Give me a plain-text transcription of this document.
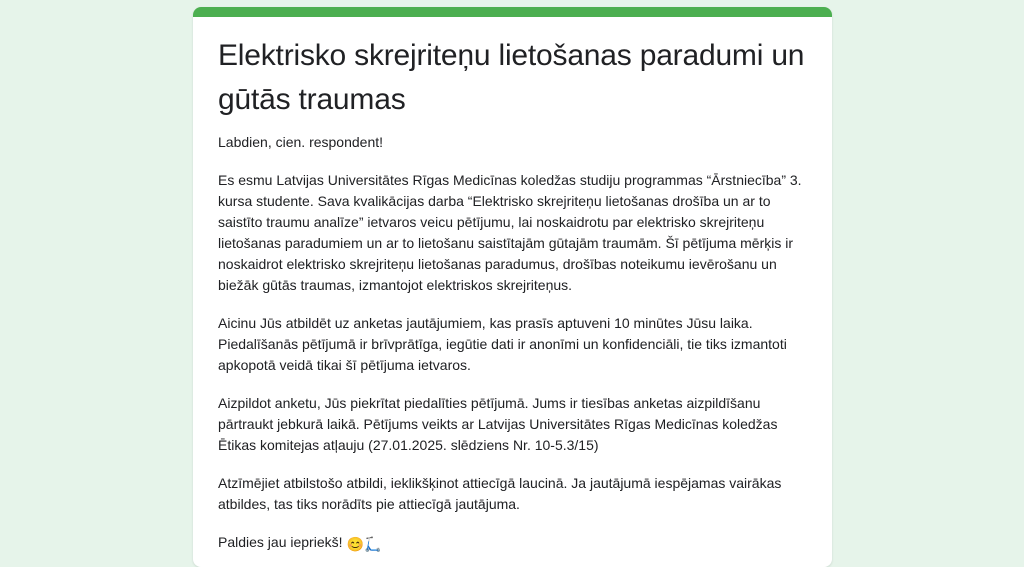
Elektrisko skrejriteņu lietošanas paradumi un gūtās traumas

Labdien, cien. respondent!

Es esmu Latvijas Universitātes Rīgas Medicīnas koledžas studiju programmas “Ārstniecība” 3. kursa studente. Sava kvalikācijas darba “Elektrisko skrejriteņu lietošanas drošība un ar to saistīto traumu analīze” ietvaros veicu pētījumu, lai noskaidrotu par elektrisko skrejriteņu lietošanas paradumiem un ar to lietošanu saistītajām gūtajām traumām. Šī pētījuma mērķis ir noskaidrot elektrisko skrejriteņu lietošanas paradumus, drošības noteikumu ievērošanu un biežāk gūtās traumas, izmantojot elektriskos skrejriteņus.

Aicinu Jūs atbildēt uz anketas jautājumiem, kas prasīs aptuveni 10 minūtes Jūsu laika. Piedalīšanās pētījumā ir brīvprātīga, iegūtie dati ir anonīmi un konfidenciāli, tie tiks izmantoti apkopotā veidā tikai šī pētījuma ietvaros.

Aizpildot anketu, Jūs piekrītat piedalīties pētījumā. Jums ir tiesības anketas aizpildīšanu pārtraukt jebkurā laikā. Pētījums veikts ar Latvijas Universitātes Rīgas Medicīnas koledžas Ētikas komitejas atļauju (27.01.2025. slēdziens Nr. 10-5.3/15)

Atzīmējiet atbilstošo atbildi, ieklikšķinot attiecīgā laucinā. Ja jautājumā iespējamas vairākas atbildes, tas tiks norādīts pie attiecīgā jautājuma.

Paldies jau iepriekš! 😊🛴
